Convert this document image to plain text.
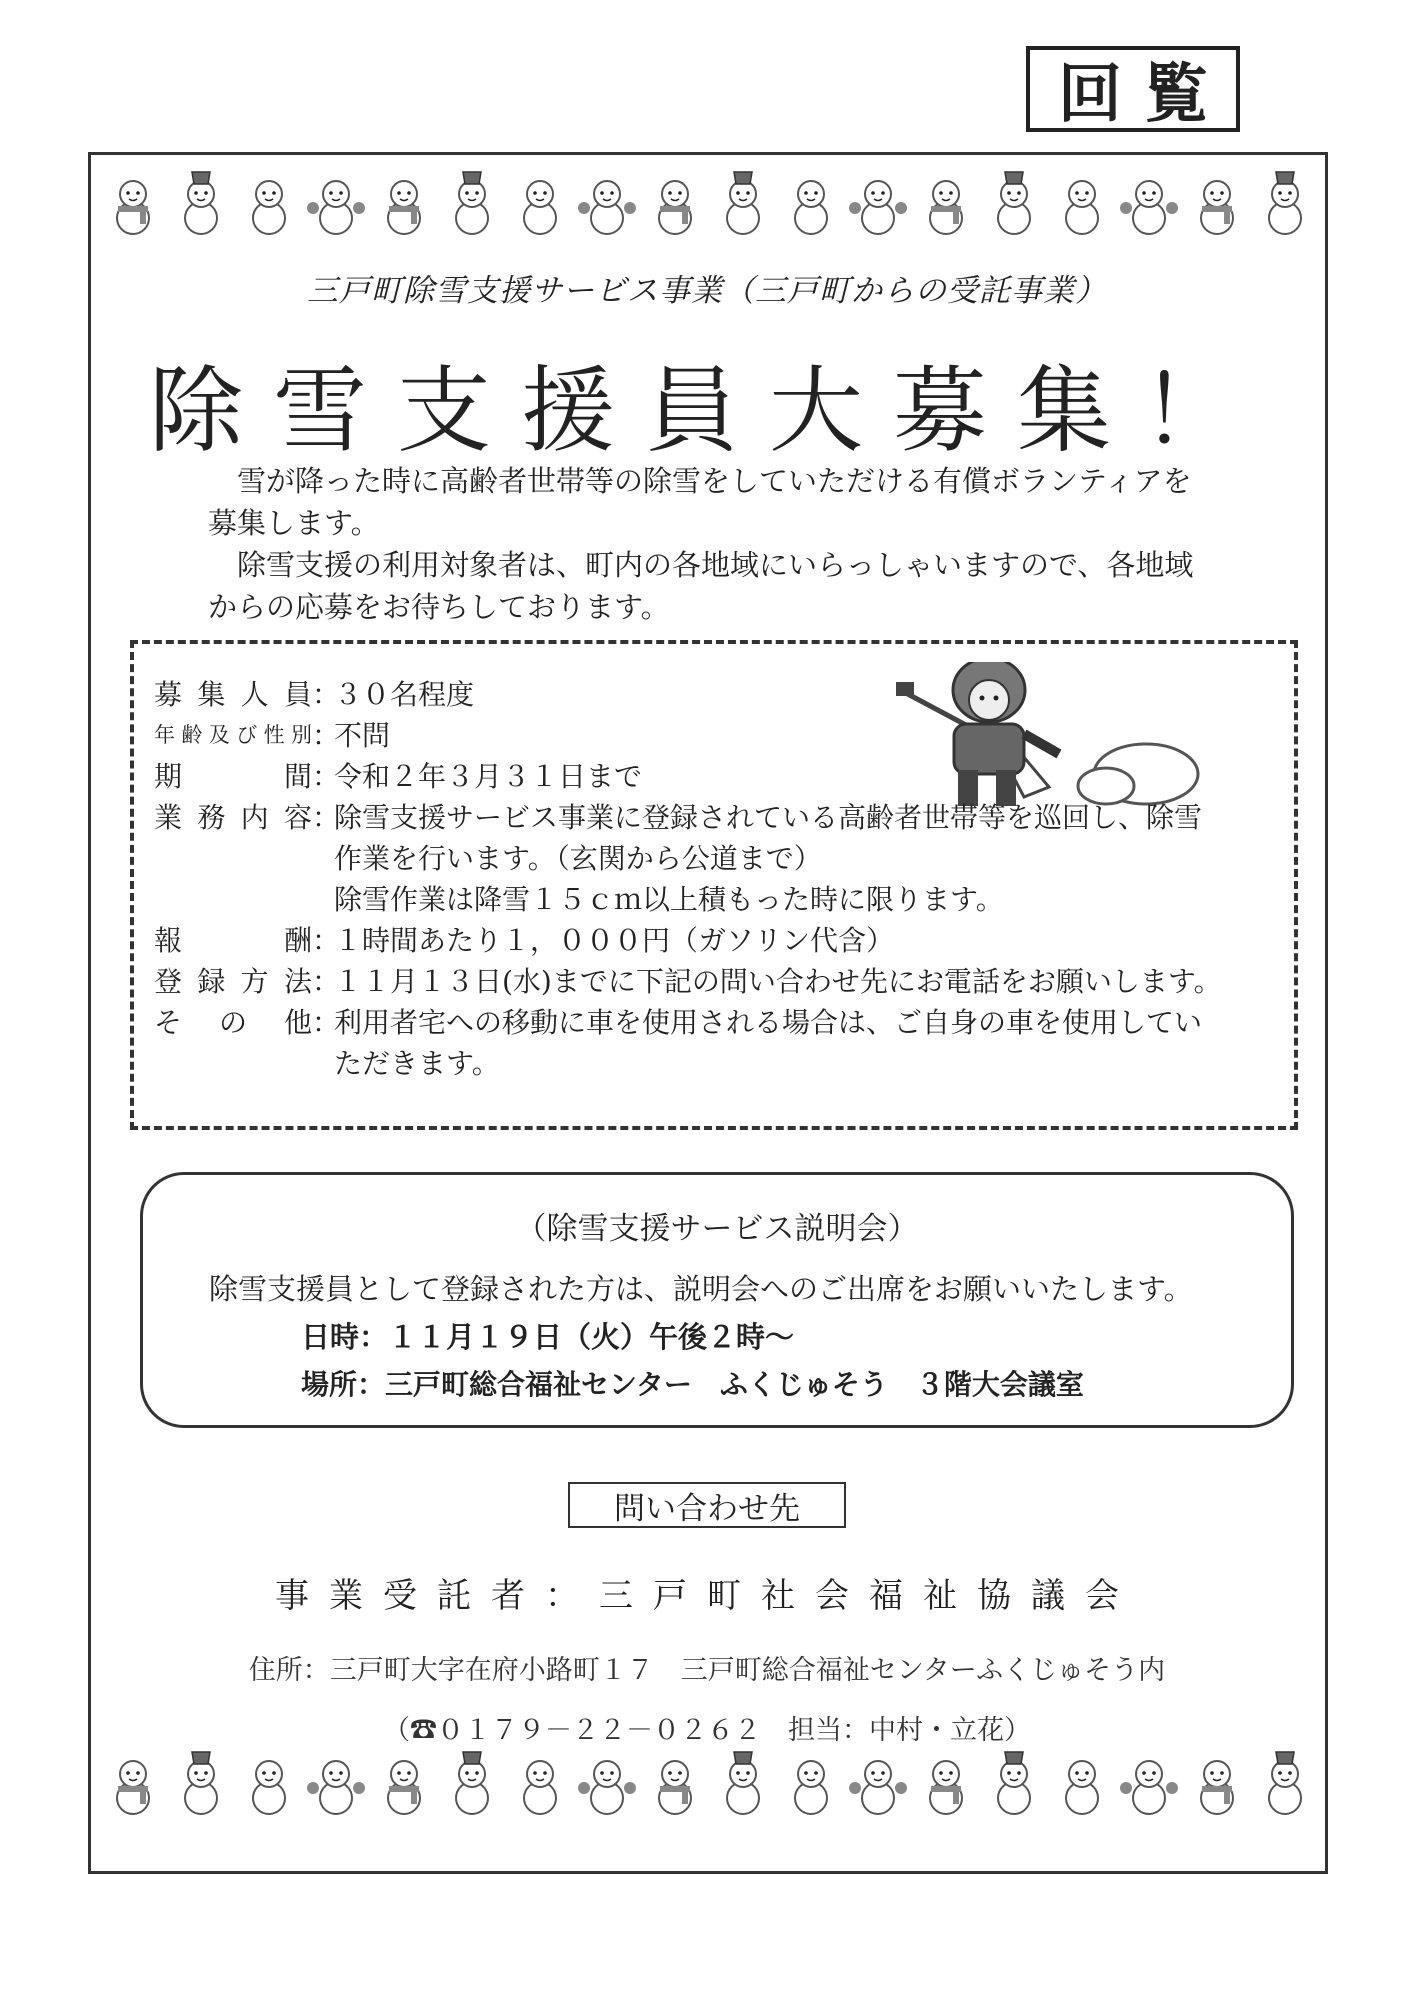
回覧
三戸町除雪支援サービス事業（三戸町からの受託事業）
除雪支援員大募集！

　雪が降った時に高齢者世帯等の除雪をしていただける有償ボランティアを募集します。

　除雪支援の利用対象者は、町内の各地域にいらっしゃいますので、各地域からの応募をお待ちしております。

募集人員 ：
３０名程度
年齢及び性別 ：
不問
期　間 ：
令和２年３月３１日まで
業務内容 ：
除雪支援サービス事業に登録されている高齢者世帯等を巡回し、除雪
作業を行います。（玄関から公道まで）
除雪作業は降雪１５ｃｍ以上積もった時に限ります。
報　酬 ：
１時間あたり１，０００円（ガソリン代含）
登録方法 ：
１１月１３日(水)までに下記の問い合わせ先にお電話をお願いします。
そ の 他 ：
利用者宅への移動に車を使用される場合は、ご自身の車を使用してい
ただきます。
（除雪支援サービス説明会）
除雪支援員として登録された方は、説明会へのご出席をお願いいたします。
日時：１１月１９日（火）午後２時～
場所：三戸町総合福祉センター　ふくじゅそう　３階大会議室
問い合わせ先
事業受託者：三戸町社会福祉協議会
住所：三戸町大字在府小路町１７　三戸町総合福祉センターふくじゅそう内
（☎０１７９－２２－０２６２　担当：中村・立花）
